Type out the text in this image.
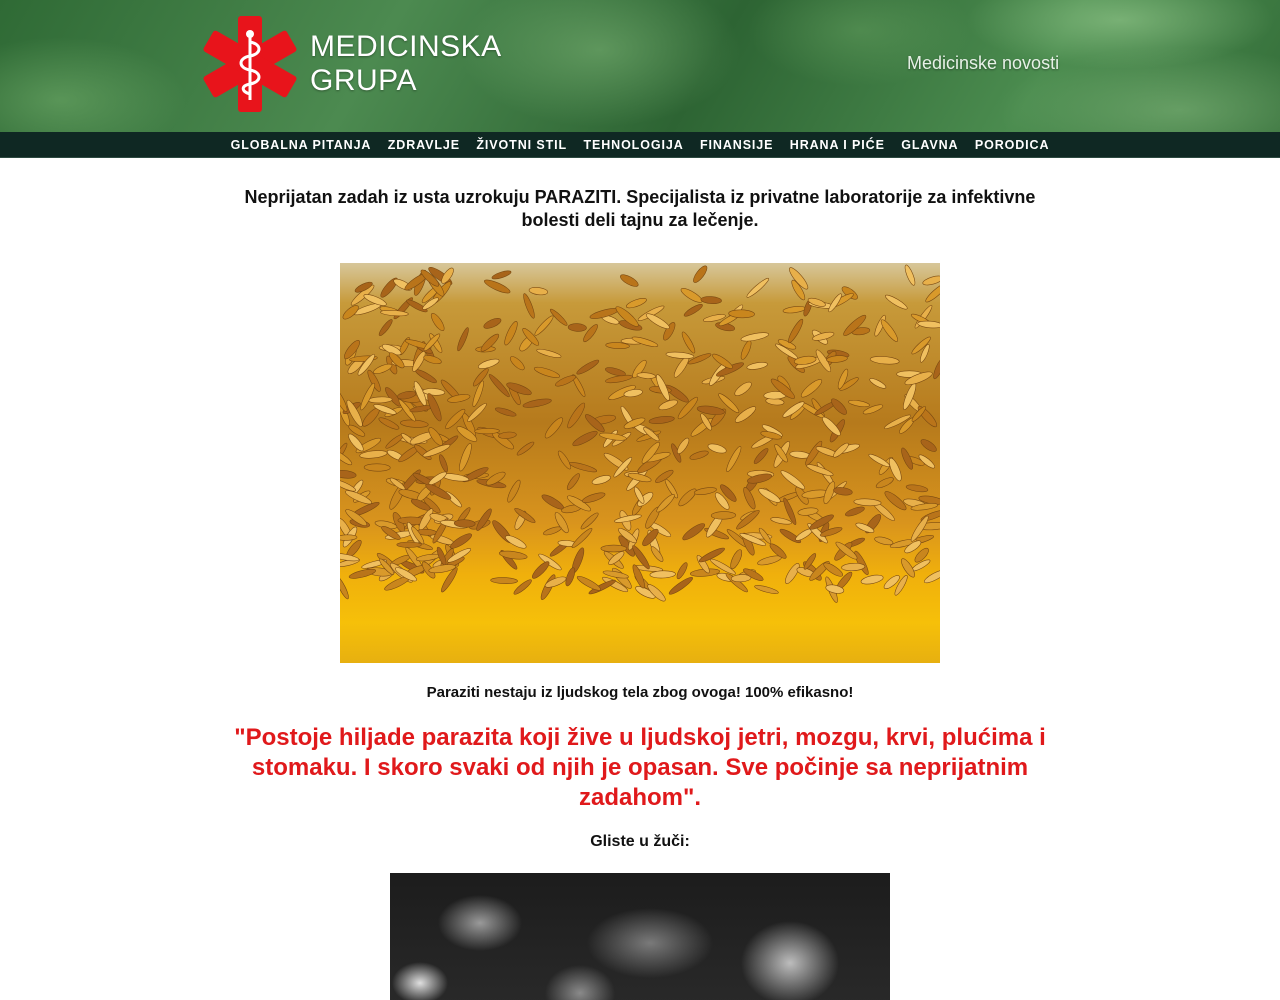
MEDICINSKA
GRUPA
Medicinske novosti
GLOBALNA PITANJA ZDRAVLJE ŽIVOTNI STIL TEHNOLOGIJA FINANSIJE HRANA I PIĆE GLAVNA PORODICA
Neprijatan zadah iz usta uzrokuju PARAZITI. Specijalista iz privatne laboratorije za infektivne bolesti deli tajnu za lečenje.

Paraziti nestaju iz ljudskog tela zbog ovoga! 100% efikasno!

"Postoje hiljade parazita koji žive u ljudskoj jetri, mozgu, krvi, plućima i stomaku. I skoro svaki od njih je opasan. Sve počinje sa neprijatnim zadahom".

Gliste u žuči:
